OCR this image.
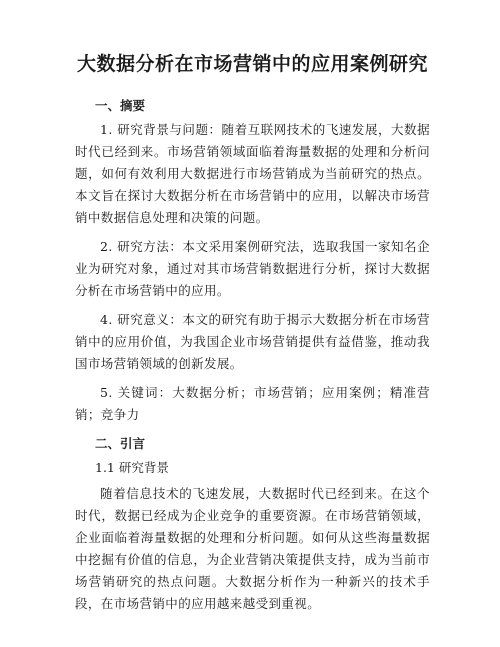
大数据分析在市场营销中的应用案例研究
一、摘要

1. 研究背景与问题：随着互联网技术的飞速发展，大数据时代已经到来。市场营销领域面临着海量数据的处理和分析问题，如何有效利用大数据进行市场营销成为当前研究的热点。本文旨在探讨大数据分析在市场营销中的应用，以解决市场营销中数据信息处理和决策的问题。

2. 研究方法：本文采用案例研究法，选取我国一家知名企业为研究对象，通过对其市场营销数据进行分析，探讨大数据分析在市场营销中的应用。

4. 研究意义：本文的研究有助于揭示大数据分析在市场营销中的应用价值，为我国企业市场营销提供有益借鉴，推动我国市场营销领域的创新发展。

5. 关键词：大数据分析；市场营销；应用案例；精准营销；竞争力

二、引言
1.1 研究背景

随着信息技术的飞速发展，大数据时代已经到来。在这个时代，数据已经成为企业竞争的重要资源。在市场营销领域，企业面临着海量数据的处理和分析问题。如何从这些海量数据中挖掘有价值的信息，为企业营销决策提供支持，成为当前市场营销研究的热点问题。大数据分析作为一种新兴的技术手段，在市场营销中的应用越来越受到重视。
